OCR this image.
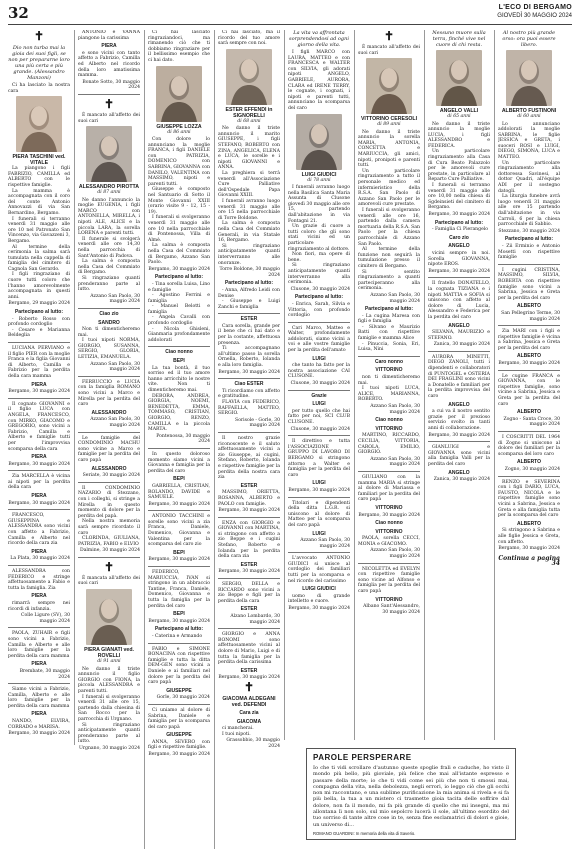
32	L'ECO DI BERGAMO
GIOVEDÌ 30 MAGGIO 2024
✝
Dio non turba mai la gioia dei suoi figli, se non per prepararne loro una più certa e più grande. (Alessandro Manzoni)
Ci ha lasciato la nostra cara
PIERA TASCHINI ved. VITALE
La piangono i figli FABRIZIO, CAMILLA ed ALBERTO con le rispettive famiglie.
La mamma è accompagnata con il coro del conte Antonio Annovazzi di via San Bernardino, Bergamo.
I funerali si terranno venerdì 31 maggio alle ore 10 nel Patronato San Vincenzo, via Gavazzeni 3, Bergamo.
Al termine della cerimonia la salma sarà tumulata nella cappella di famiglia del cimitero di Cagnola San Gerardo.
I figli ringraziano di cuore tutti coloro che l'hanno amorevolmente accompagnata in questi anni.
Bergamo, 29 maggio 2024
Partecipano al lutto:
- Roberto Rosso con profondo cordoglio
- Cesare e Marianna Beldeglia
LUCIANA PERVIANO e il figlio PIER con la moglie Franca e la figlia Giovanni di Alberto, Camilla e Fabrizio per la perdita della cara mamma
PIERA
Bergamo, 30 maggio 2024
Il cognato GIOVANNI e il figlio LUCA con ANGELA, FRANCESCO, con MIRKO, GIACOMO e GREGORIO, sono vicini a Fabrizio, Camilla e Alberto e famiglie tutti per l'improvvisa scomparsa della cara
PIERA
Bergamo, 30 maggio 2024
Zia MARCELLA è vicina ai nipoti per la perdita della cara
PIERA
Bergamo, 30 maggio 2024
FRANCESCO, GIUSEPPINA e ALESSANDRA sono vicini con affetto a Fabrizio, Camilla e Alberto nel ricordo della cara zia
PIERA
La Plata, 30 maggio 2024
ALESSANDRA con FEDERICO e stringe affettuosamente a Fabio e tutta la famiglia. Zia
PIERA
rimarrà sempre nei ricordi di infanzia.
Colle Ligure (SV), 30 maggio 2024
PAOLA, ZUHAIR e figli sono vicini a Fabrizio, Camilla e Alberto e alle loro famiglie per la perdita della cara mamma
PIERA
Brembate, 30 maggio 2024
Siamo vicini a Fabrizio, Camilla, Alberto e alle loro famiglie per la perdita della cara mamma
PIERA
NANDO, ELVIRA, CORRADO e MARISA.
Bergamo, 30 maggio 2024
ANTONIO e VANNA piangono la carissima
PIERA
e sono vicini con tanto affetto a Fabrizio, Camilla ed Alberto nel ricordo della loro amatissima mamma.
Bonate Sotto, 30 maggio 2024
✝
È mancato all'affetto dei suoi cari
ALESSANDRO PIROTTA
di 87 anni
Ne danno l'annuncio la moglie EUGENIA, i figli MARCO con ANTONELLA, MIRELLA, i nipoti ALE, ALICE e la piccola LARA, la sorella LORENA e parenti tutti.
Il funerale si svolgerà venerdì alle ore 14,30 nella parrocchia di Sant'Antonio di Padova.
La salma è composta nella Casa del Commiato di Bergamo.
Si ringraziano quanti prenderanno parte al lutto.
Azzano San Paolo, 30 maggio 2024
Ciao zio
SANDRO
Non ti dimenticheremo mai.
I tuoi nipoti NORMA, GIORGIO, SUSANNA, SERGIO, GLORIA, LETIZIA, EMANUELA.
Azzano San Paolo, 30 maggio 2024
FERRUCCIO e LUCIA con la famiglia ROMANO sono vicini a Marco e Mirella per la perdita del caro
ALESSANDRO
Azzano San Paolo, 30 maggio 2024
Le famiglie del CONDOMINIO MACHU sono vicine a Marco e famiglie per la perdita del caro papà
ALESSANDRO
Seriate, 30 maggio 2024
Il CONDOMINIO NAZARIO di Stezzano, con i colleghi, si stringe a Mirella in questo momento di dolore per la perdita del papà.
Nella nostra memoria sarà sempre ricordato il caro
CLORINDA, GIULIANA, PATRIZIA, FABIO e ELVIO
Dalmine, 30 maggio 2024
✝
È mancata all'affetto dei suoi cari
PIERA GIANATI ved. ROVELLI
di 91 anni
Ne danno il triste annuncio il figlio GIORGIO con FIONA, la piccola ALESSANDRA e parenti tutti.
I funerali si svolgeranno venerdì 31 alle ore 15, partendo dalla chiesina di San Rocco per la parrocchia di Urgnano.
Si ringraziano anticipatamente quanti prenderanno parte al lutto.
Urgnano, 30 maggio 2024
Ci hai lasciato ringraziandoci, ma rimanendo ciò che ti dobbiamo ringraziare per il bellissimo esempio che ci hai dato.
GIUSEPPE LOZZA
di 86 anni
Con dolore lo annunciano la moglie FRANCA, i figli DANIELE con PATRIZIA, DOMENICO con SABRINA, GIOVANNA con DANILO, VALENTINA con MASSIMO, nipoti e parenti tutti.
Giuseppe è composto nel Santuario di Sotto il Monte Giovanni XXIII (orario visite 9 - 12, 15 - 19).
I funerali si svolgeranno venerdì 31 maggio alle ore 10 nella parrocchiale di Pontenossa, Villa di Almè.
La salma è composta nella Casa del Commiato di Bergamo, Azzano San Paolo.
Bergamo, 30 maggio 2024
Partecipano al lutto:
- Tina sorella Luisa, Lino e famiglie
- Agostino Ferrini e famiglia
- Manuel Belotti e famiglia
- Angela Cavalli con profondo cordoglio
- Nicola Ghisleni, Gianmaria profondamente addolorati
Ciao nonno
BEPI
La tua bontà, il tuo sorriso ed il tuo amore hanno arricchito le nostre vite. Non ti dimenticheremo mai.
DEBORA, ANDREA, GIORGIA, NOEMI, BENEDETTA, EMMA, TOMMASO, CRISTIAN, GIORGIO, RENZO, CAMILLA e la piccola MARTA.
Pontenossa, 30 maggio 2024
In questo doloroso momento siamo vicini a Giovanna e famiglia per la perdita del caro
BEPI
GABRIELLA, CRISTIAN, ROLANDO, DAVIDE e SAMUELE.
Bergamo, 30 maggio 2024
ANTONIO TACCHINI e sorelle sono vicini a zia Franca, Daniele, Domenico, Giovanna e Valentina per la scomparsa del caro zio
BEPI
Bergamo, 30 maggio 2024
FEDERICO, MARIUCCIA, IVAN si stringono in un abbraccio Tantine, Franca, Daniele, Domenico, Giovanna e tutta la famiglia per la perdita del caro
BEPI
Bergamo, 30 maggio 2024
Partecipano al lutto:
- Caterina e Armando
FABIO e SIMONE BONACINA con rispettive famiglie e tutta la ditta DEM-GEN sono vicini a Daniele e ai familiari nel dolore per la perdita del caro papà
GIUSEPPE
Gorle, 30 maggio 2024
Ci uniamo al dolore di Sabrina, Daniele e famiglia per la scomparsa del caro papà
GIUSEPPE
ANNA, SEVERO con figli e rispettive famiglie.
Bergamo, 30 maggio 2024
Ci hai lasciato, ma il ricordo del tuo amore sarà sempre con noi.
ESTER EFFENDI in SIGNORELLI
di 68 anni
Ne danno il triste annuncio il marito GIUSEPPE, i figli STEFANO, ROBERTO con ZINA, ANGELICA, ELENA e LUCA, le sorelle e i nipoti GIOVANNI e ANNA.
La preghiera si terrà venerdì all'Associazione Cure Palliative dell'Ospedale Papa Giovanni XXIII.
I funerali avranno luogo venerdì 31 maggio alle ore 15 nella parrocchiale di Torre Boldone.
La salma è composta nella Casa del Commiato Generali, in via Statale 16, Bergamo.
Si ringraziano anticipatamente quanti interverranno alle onoranze.
Torre Boldone, 30 maggio 2024
Partecipano al lutto:
- Anna, Alfredo Leidi con Denise
- Giuseppe e Luigi Zanchi e famiglia
ESTER
Cara sorella, grande per il bene che ci hai dato e per la costante, affettuosa presenza.
Ti accompagnano all'ultimo passo la sorella Ornella, Roberto, Iolanda e alla loro famiglia.
Bergamo, 30 maggio 2024
Ciao ESTER
Ti ricordiamo con affetto e gratitudine.
FLAVIA con FEDERICO, RAFFAELLA, MATTEO, SERGIO.
Sorisole - Gorle, 30 maggio 2024
Il nostro grazie riconoscente e il saluto affettuosamente vicini a zio Giuseppe, ai cugini, Stefano, Roberto, Iolanda e rispettive famiglie per la perdita della nostra cara zia
ESTER
MASSIMO, ORIETTA, ROSANNA, ALBERTO e PAOLO con famiglie.
Bergamo, 30 maggio 2024
ENZA con GIORGIO e GIOVANNI con MARTINA, si stringono con affetto a zio Beppe e i cugini Stefano, Roberto e Iolanda per la perdita della cara zia
ESTER
Bergamo, 30 maggio 2024
SERGIO, DELLA e RICCARDO sono vicini a zio Beppe e figli per la perdita della cara
ESTER
Alzano Lombardo, 30 maggio 2024
GIORGIO e ANNA BONOMI sono affettuosamente vicini al dolore di Mario, Luigi e di tutta la famiglia per la perdita della carissima
ESTER
Bergamo, 30 maggio 2024
✝
GIACOMA ALDEGANI ved. DEFENDI
Cara zia
GIACOMA
ci mancherai.
I tuoi nipoti.
Grassobbio, 30 maggio 2024
La vita va affrontata sorprendendosi ad ogni giorno della vita.
I figli MARCO con LAURA, MATTEO e con FRANCESCA e WALTER con SILVIA, gli adorati nipoti ANGELO, GABRIELE, AURORA, CLARA ed IRENE TERRY, le cognate, i cognati, i nipoti e parenti tutti, annunciano la scomparsa del caro
LUIGI GIUDICI
di 78 anni
I funerali avranno luogo nella Basilica Santa Maria Assunta di Clusone giovedì 30 maggio alle ore 15, partendo dall'abitazione in via Fontagni 21.
Un grazie di cuore a tutti coloro che gli sono stati vicini ed un particolare ringraziamento al dottore.
Non fiori, ma opere di bene.
Si ringraziano anticipatamente quanti interverranno alla cerimonia.
Clusone, 30 maggio 2024
Partecipano al lutto:
- Enrica, Sarah, Silvia e Vittoria, con profondo cordoglio
Cari Marco, Matteo e Walter, profondamente addolorati, siamo vicini a voi e alle vostre famiglie per la perdita dell'amato
LUIGI
che tanto ha fatto per la nostra associazione CAI CLUSONE.
Clusone, 30 maggio 2024
Grazie
LUIGI
per tutto quello che hai fatto per noi, SCI CLUB CLUSONE.
Clusone, 30 maggio 2024
Il direttivo e tutta l'ASSOCIAZIONE GRUPPO DI LAVORO DI BERGAMO si stringono attorno a Walter e famiglia per la perdita del caro
LUIGI
Bergamo, 30 maggio 2024
Titolari e dipendenti della ditta L.G.R. si uniscono al dolore di Matteo per la scomparsa del caro papà
LUIGI
Azzano San Paolo, 30 maggio 2024
L'avvocato ANTONIO GIUDICI si unisce al cordoglio dei familiari tutti per la scomparsa e nel ricordo del carissimo
LUIGI GIUDICI
uomo di grande intelletto e cuore.
Bergamo, 30 maggio 2024
✝
È mancato all'affetto dei suoi cari
VITTORINO CERESOLI
di 89 anni
Ne danno il triste annuncio la sorella MARIA, ANTONIA, CONCETTA e MARIUCCIA, gli amici, nipoti, pronipoti e parenti tutti.
Un particolare ringraziamento a tutto il personale medico ed infermieristico della R.S.A. San Paolo di Azzano San Paolo per le amorevoli cure prestate.
I funerali si svolgeranno venerdì alle ore 16, partendo dalla camera mortuaria della R.S.A. San Paolo per la chiesa parrocchiale di Azzano San Paolo.
Al termine della funzione non seguirà la tumulazione presso il cimitero di Bergamo.
Si sentito ringraziamento a quanti parteciperanno alla cerimonia.
Azzano San Paolo, 30 maggio 2024
Partecipano al lutto:
- La cugina Maresa con figli e famiglia
- Silvano e Maurizio Batti con rispettive famiglie e mamma Alice
- Pinuccia, Sonia, Eri, Luisa, Nini
Caro nonno
VITTORINO
non ti dimenticheremo mai.
I tuoi nipoti LUCA, ALICE, MARIANNA, ROBERTO.
Azzano San Paolo, 30 maggio 2024
Ciao nonno
VITTORINO
MARTINO, RICCARDO, CECILIA, VITTORIA, CAROLA, EMILIO, GIORGIO.
Azzano San Paolo, 30 maggio 2024
GIULIANO con la mamma MARIA si stringe al dolore di Mariassa e familiari per la perdita del caro papà
VITTORINO
Bergamo, 30 maggio 2024
Ciao nonno
VITTORINO
PAOLA, sorella CECCI, MONIA e GIACOMO.
Azzano San Paolo, 30 maggio 2024
NICOLETTA ed EVELYN con rispettive famiglie sono vicine ad Alfonso e famiglia per la perdita del caro papà
VITTORINO
Albano Sant'Alessandro, 30 maggio 2024
Nessuno muore sulla terra, finché vive nel cuore di chi resta.
ANGELO VALLI
di 65 anni
Ne danno il triste annuncio la moglie LUCIA, i figli ALESSANDRO e FEDERICA.
Un particolare ringraziamento alla Casa di Cura Beato Palazzolo per le amorevoli cure prestate, in particolare al Reparto Cure Palliative.
I funerali si terranno venerdì 31 maggio alle ore 10,00 nella chiesa di Sgdeinsieti del cimitero di Bergamo.
Bergamo, 30 maggio 2024
Partecipano al lutto:
- Famiglia Ci Pierangelo
Caro zio
ANGELO
vicini sempre in noi. Sorella GIOVANNA, nipote EROS.
Bergamo, 30 maggio 2024
Il fratello DONATELLO, la cognata TIZIANA e i nipoti MATTIA e SOFIA si uniscono con affetto al dolore di Lucia, Alessandro e Federica per la perdita del caro
ANGELO
SILVANA, MAURIZIO e STEFANO.
Zanica, 30 maggio 2024
AURORA MINETTI, DIEGO ZANOLI, tutti i dipendenti e collaboratori di PUNTOGEL e OSTERIA DEI FRAGLINI sono vicini a Donatello e familiari per la perdita improvvisa del caro
ANGELO
a cui va il nostro sentito grazie per il prezioso servizio svolto in tanti anni di collaborazione.
Bergamo, 30 maggio 2024
GIANLUIGI e GIOVANNA sono vicini alla famiglia Valli per la perdita del caro
ANGELO
Zanica, 30 maggio 2024
Al nostro più grande orso: ora puoi essere libero.
ALBERTO FUSTINONI
di 60 anni
Lo annunciano addolorati la moglie SABRINA, le figlie JESSICA e GRETA, i suoceri ROSI e LUIGI, DIEGO, SIMONA, LUCA e MATTEO.
Un particolare ringraziamento alla dottoressa Savinesi, al dottor Quadri, all'équipe ADI per il sostegno datogli.
La liturgia funebre avrà luogo venerdì 31 maggio alle ore 15 partendo dall'abitazione in via Carroli, 6 per la chiesa parrocchiale di Sabbio.
Stezzano, 30 maggio 2024
Partecipano al lutto:
- Zii Erminio e Antonio Mosetti con rispettive famiglie
I cugini CRISTINA, MASSIMO, SILVIA, ROBERTA con rispettive famiglie sono vicini a Sabrina, Jessica e Greta per la perdita del caro
ALBERTO
San Pellegrino Terme, 30 maggio 2024
Zia MARI con i figli e rispettive famiglie è vicina a Sabrina, Jessica e Greta per la perdita del caro
ALBERTO
Bergamo, 30 maggio 2024
Le cugine FRANCA e GIOVANNA, con le rispettive famiglie, sono vicine a Sabrina, Jessica e Greta per la perdita del caro
ALBERTO
Zogno - Santa Croce, 30 maggio 2024
I COSCRITTI DEL 1964 di Zogno si uniscono al dolore dei familiari per la scomparsa del loro caro
ALBERTO
Zogno, 30 maggio 2024
RENZO e SEVERINA con i figli DARIO, LUCA, FAUSTO, NICOLA e le rispettive famiglie sono vicini a Sabrina, Jessica e Greta e alla famiglia tutta per la scomparsa del caro
ALBERTO
Si stringono a Sabrina e alle figlie Jessica e Greta, con affetto.
Bergamo, 30 maggio 2024
Continua a pagina 34
PAROLE PERSPERARE
Io che ti vidi scrollare d'autunno queste spoglie frali e caduche, ho visto il mondo più bello, più gioviale, più felice che mai all'istante espresso e passare della morte; io che ti vidi come sei più che non ti smossi mai, compagna della vita, nella debolezza, negli errori, io leggo ciò che gli occhi non mi raccontano, e una sublime purificazione la mia anima si rivela e si fa più bella, la tua a un mistero ci trasmette gioia tacita delle soffrire dal dolore, non fa il mondo, mi fa più grande di quello che mi insegni, ma mi allontana lì non solo, sul mio sepolcro lucerà il sole, all'ultimo esordito del tuo sorriso di tante altre cose in te, senza fine esclamatrici di dolori e gioie, un universo di...
ROMANO GUARDINI: In memoria della vita di Saverio.
